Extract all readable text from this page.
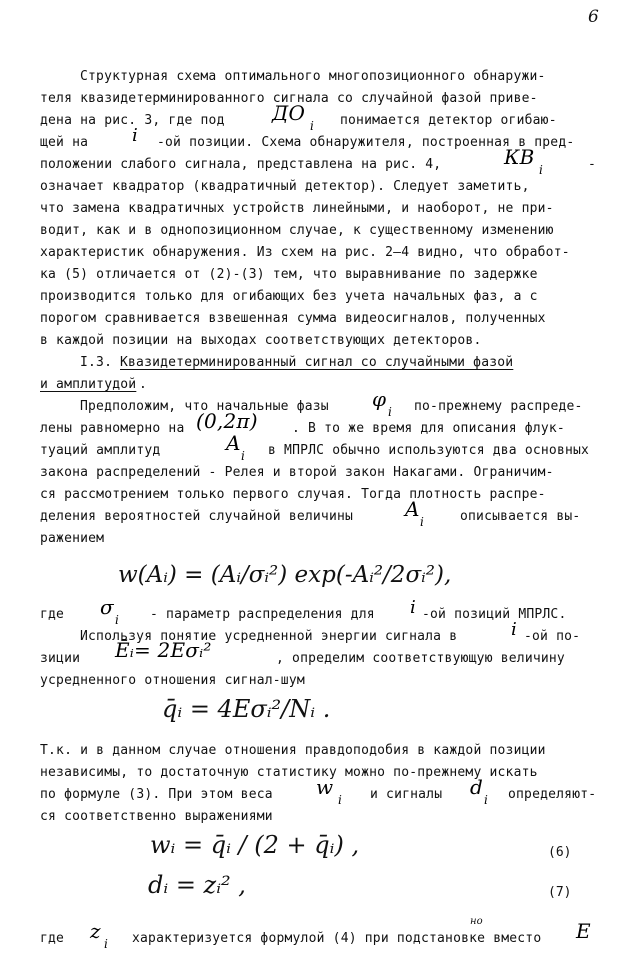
6
Структурная схема оптимального многопозиционного обнаружи-
теля квазидетерминированного сигнала со случайной фазой приве-
дена на рис. 3, где под ДО
i понимается детектор огибаю-
щей на i -ой позиции. Схема обнаружителя, построенная в пред-
положении слабого сигнала, представлена на рис. 4,	КВ
i	-
означает квадратор (квадратичный детектор). Следует заметить,
что замена квадратичных устройств линейными, и наоборот, не при-
водит, как и в однопозиционном случае, к существенному изменению
характеристик обнаружения. Из схем на рис. 2–4 видно, что обработ-
ка (5) отличается от (2)-(3) тем, что выравнивание по задержке
производится только для огибающих без учета начальных фаз, а с
порогом сравнивается взвешенная сумма видеосигналов, полученных
в каждой позиции на выходах соответствующих детекторов.
I.3. Квазидетерминированный сигнал со случайными фазой
и амплитудой .
Предположим, что начальные фазы φ
i по-прежнему распреде-
лены равномерно на (0,2π)	. В то же время для описания флук-
туаций амплитуд	A
i в МПРЛС обычно используются два основных
закона распределений - Релея и второй закон Накагами. Ограничим-
ся рассмотрением только первого случая. Тогда плотность распре-
деления вероятностей случайной величины	A
i	описывается вы-
ражением
w(Aᵢ) = (Aᵢ/σᵢ²) exp(-Aᵢ²/2σᵢ²),
где σ
i - параметр распределения для i -ой позиций МПРЛС.
Используя понятие усредненной энергии сигнала в	i -ой по-
зиции Ēᵢ= 2Eσᵢ²	, определим соответствующую величину
усредненного отношения сигнал-шум
q̄ᵢ = 4Eσᵢ²/Nᵢ .
Т.к. и в данном случае отношения правдоподобия в каждой позиции
независимы, то достаточную статистику можно по-прежнему искать
по формуле (3). При этом веса w
i и сигналы d
i определяют-
ся соответственно выражениями
wᵢ = q̄ᵢ / (2 + q̄ᵢ) ,	(6)
dᵢ = zᵢ² ,	(7)
где z
i характеризуется формулой (4) при подстановке вместо E
но
